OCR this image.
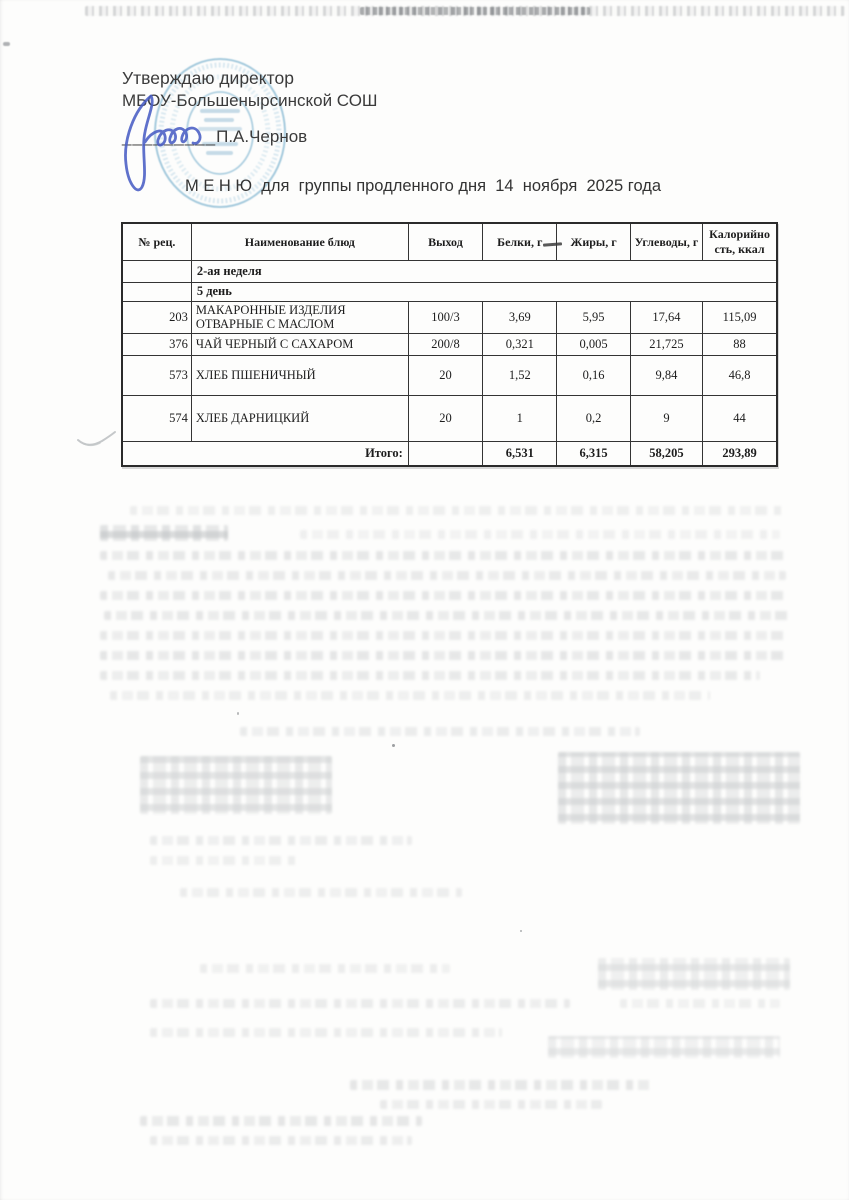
Утверждаю директор
МБОУ-Большенырсинской СОШ
_________П.А.Чернов
М Е Н Ю  для  группы продленного дня  14  ноября  2025 года
№ рец.	Наименование блюд	Выход	Белки, г	Жиры, г	Углеводы, г	Калорийно сть, ккал
	2-ая неделя					
	5 день					
203	МАКАРОННЫЕ ИЗДЕЛИЯ ОТВАРНЫЕ С МАСЛОМ	100/3	3,69	5,95	17,64	115,09
376	ЧАЙ ЧЕРНЫЙ С САХАРОМ	200/8	0,321	0,005	21,725	88
573	ХЛЕБ ПШЕНИЧНЫЙ	20	1,52	0,16	9,84	46,8
574	ХЛЕБ ДАРНИЦКИЙ	20	1	0,2	9	44
Итого:			6,531	6,315	58,205	293,89
